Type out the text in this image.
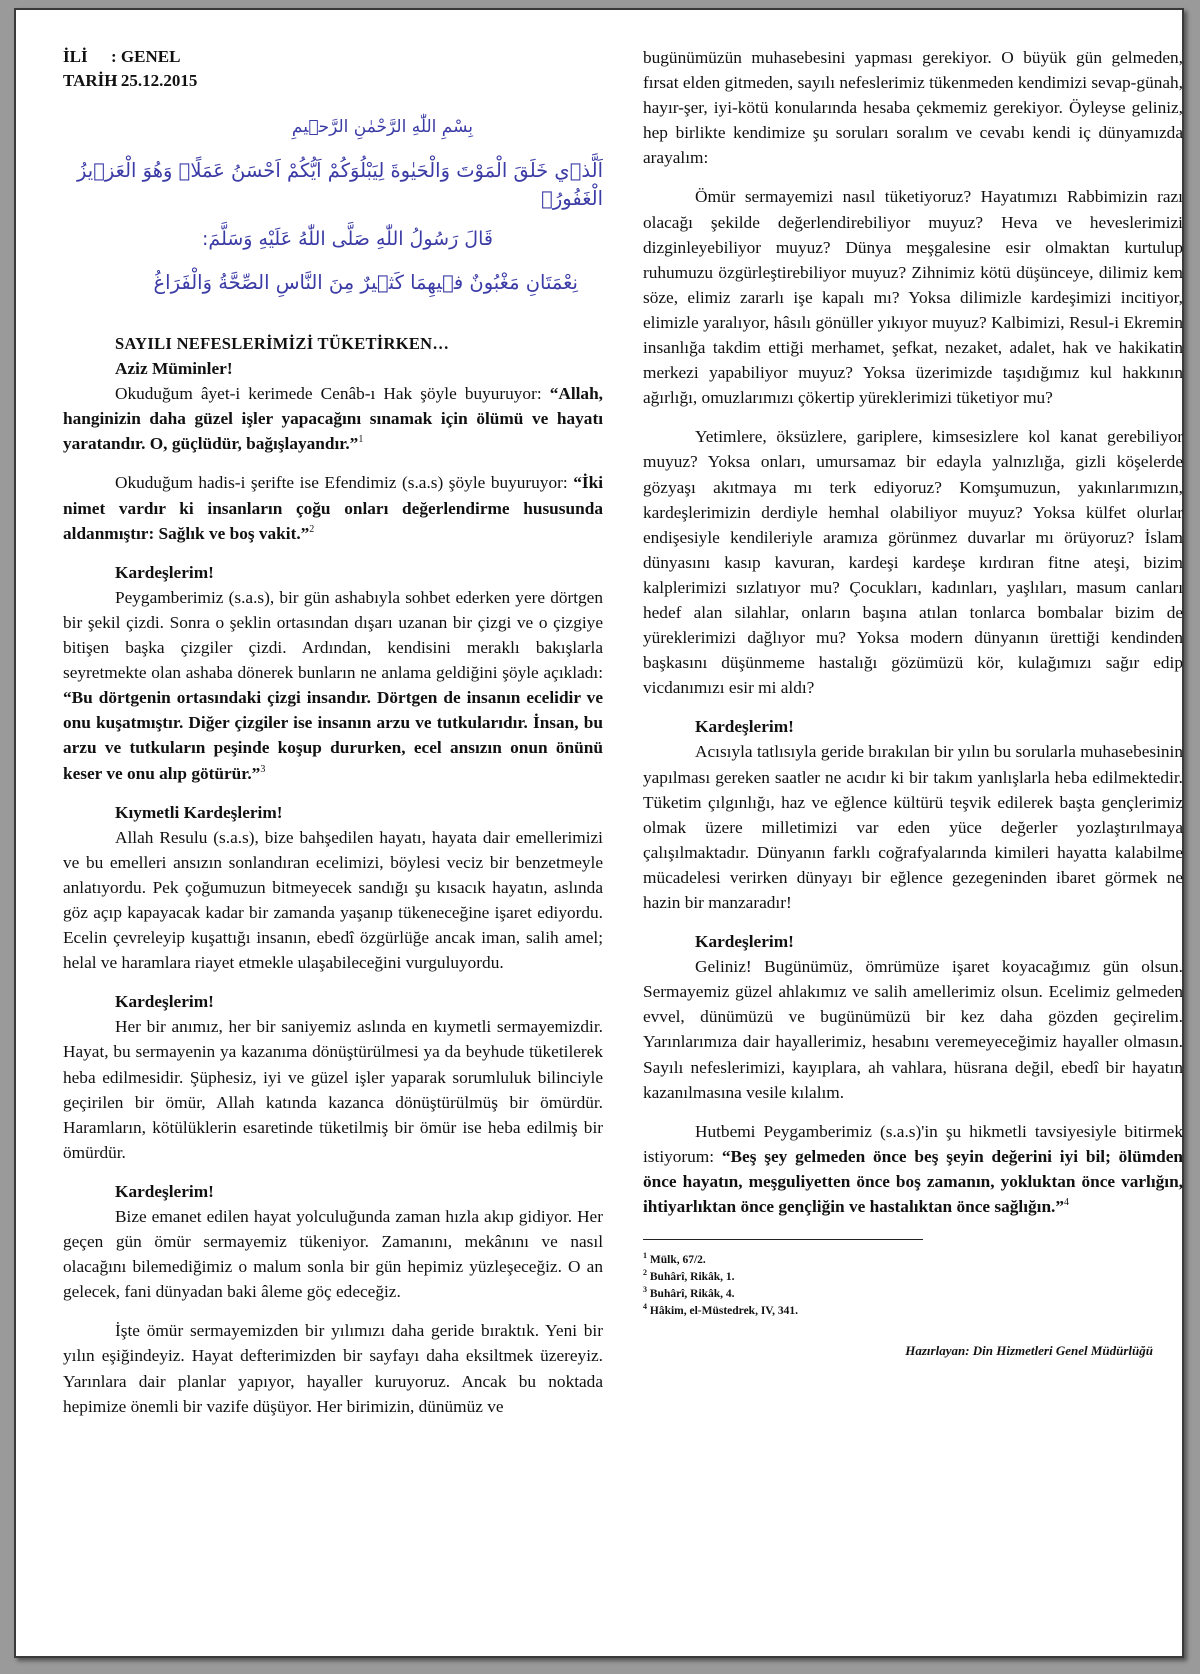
İLİ : GENEL
TARİH: 25.12.2015

بِسْمِ اللّٰهِ الرَّحْمٰنِ الرَّح۪يمِ

اَلَّذ۪ي خَلَقَ الْمَوْتَ وَالْحَيٰوةَ لِيَبْلُوَكُمْ اَيُّكُمْ اَحْسَنُ عَمَلًاۜ وَهُوَ الْعَز۪يزُ الْغَفُورُۙ

قَالَ رَسُولُ اللّٰهِ صَلَّى اللّٰهُ عَلَيْهِ وَسَلَّمَ:

نِعْمَتَانِ مَغْبُونٌ ف۪يهِمَا كَث۪يرٌ مِنَ النَّاسِ الصِّحَّةُ وَالْفَرَاغُ

SAYILI NEFESLERİMİZİ TÜKETİRKEN…

Aziz Müminler!

Okuduğum âyet-i kerimede Cenâb-ı Hak şöyle buyuruyor: “Allah, hanginizin daha güzel işler yapacağını sınamak için ölümü ve hayatı yaratandır. O, güçlüdür, bağışlayandır.”$^1$

Okuduğum hadis-i şerifte ise Efendimiz (s.a.s) şöyle buyuruyor: “İki nimet vardır ki insanların çoğu onları değerlendirme hususunda aldanmıştır: Sağlık ve boş vakit.”$^2$

Kardeşlerim!

Peygamberimiz (s.a.s), bir gün ashabıyla sohbet ederken yere dörtgen bir şekil çizdi. Sonra o şeklin ortasından dışarı uzanan bir çizgi ve o çizgiye bitişen başka çizgiler çizdi. Ardından, kendisini meraklı bakışlarla seyretmekte olan ashaba dönerek bunların ne anlama geldiğini şöyle açıkladı: “Bu dörtgenin ortasındaki çizgi insandır. Dörtgen de insanın ecelidir ve onu kuşatmıştır. Diğer çizgiler ise insanın arzu ve tutkularıdır. İnsan, bu arzu ve tutkuların peşinde koşup dururken, ecel ansızın onun önünü keser ve onu alıp götürür.”$^3$

Kıymetli Kardeşlerim!

Allah Resulu (s.a.s), bize bahşedilen hayatı, hayata dair emellerimizi ve bu emelleri ansızın sonlandıran ecelimizi, böylesi veciz bir benzetmeyle anlatıyordu. Pek çoğumuzun bitmeyecek sandığı şu kısacık hayatın, aslında göz açıp kapayacak kadar bir zamanda yaşanıp tükeneceğine işaret ediyordu. Ecelin çevreleyip kuşattığı insanın, ebedî özgürlüğe ancak iman, salih amel; helal ve haramlara riayet etmekle ulaşabileceğini vurguluyordu.

Kardeşlerim!

Her bir anımız, her bir saniyemiz aslında en kıymetli sermayemizdir. Hayat, bu sermayenin ya kazanıma dönüştürülmesi ya da beyhude tüketilerek heba edilmesidir. Şüphesiz, iyi ve güzel işler yaparak sorumluluk bilinciyle geçirilen bir ömür, Allah katında kazanca dönüştürülmüş bir ömürdür. Haramların, kötülüklerin esaretinde tüketilmiş bir ömür ise heba edilmiş bir ömürdür.

Kardeşlerim!

Bize emanet edilen hayat yolculuğunda zaman hızla akıp gidiyor. Her geçen gün ömür sermayemiz tükeniyor. Zamanını, mekânını ve nasıl olacağını bilemediğimiz o malum sonla bir gün hepimiz yüzleşeceğiz. O an gelecek, fani dünyadan baki âleme göç edeceğiz.

İşte ömür sermayemizden bir yılımızı daha geride bıraktık. Yeni bir yılın eşiğindeyiz. Hayat defterimizden bir sayfayı daha eksiltmek üzereyiz. Yarınlara dair planlar yapıyor, hayaller kuruyoruz. Ancak bu noktada hepimize önemli bir vazife düşüyor. Her birimizin, dünümüz ve

bugünümüzün muhasebesini yapması gerekiyor. O büyük gün gelmeden, fırsat elden gitmeden, sayılı nefeslerimiz tükenmeden kendimizi sevap-günah, hayır-şer, iyi-kötü konularında hesaba çekmemiz gerekiyor. Öyleyse geliniz, hep birlikte kendimize şu soruları soralım ve cevabı kendi iç dünyamızda arayalım:

Ömür sermayemizi nasıl tüketiyoruz? Hayatımızı Rabbimizin razı olacağı şekilde değerlendirebiliyor muyuz? Heva ve heveslerimizi dizginleyebiliyor muyuz? Dünya meşgalesine esir olmaktan kurtulup ruhumuzu özgürleştirebiliyor muyuz? Zihnimiz kötü düşünceye, dilimiz kem söze, elimiz zararlı işe kapalı mı? Yoksa dilimizle kardeşimizi incitiyor, elimizle yaralıyor, hâsılı gönüller yıkıyor muyuz? Kalbimizi, Resul-i Ekremin insanlığa takdim ettiği merhamet, şefkat, nezaket, adalet, hak ve hakikatin merkezi yapabiliyor muyuz? Yoksa üzerimizde taşıdığımız kul hakkının ağırlığı, omuzlarımızı çökertip yüreklerimizi tüketiyor mu?

Yetimlere, öksüzlere, gariplere, kimsesizlere kol kanat gerebiliyor muyuz? Yoksa onları, umursamaz bir edayla yalnızlığa, gizli köşelerde gözyaşı akıtmaya mı terk ediyoruz? Komşumuzun, yakınlarımızın, kardeşlerimizin derdiyle hemhal olabiliyor muyuz? Yoksa külfet olurlar endişesiyle kendileriyle aramıza görünmez duvarlar mı örüyoruz? İslam dünyasını kasıp kavuran, kardeşi kardeşe kırdıran fitne ateşi, bizim kalplerimizi sızlatıyor mu? Çocukları, kadınları, yaşlıları, masum canları hedef alan silahlar, onların başına atılan tonlarca bombalar bizim de yüreklerimizi dağlıyor mu? Yoksa modern dünyanın ürettiği kendinden başkasını düşünmeme hastalığı gözümüzü kör, kulağımızı sağır edip vicdanımızı esir mi aldı?

Kardeşlerim!

Acısıyla tatlısıyla geride bırakılan bir yılın bu sorularla muhasebesinin yapılması gereken saatler ne acıdır ki bir takım yanlışlarla heba edilmektedir. Tüketim çılgınlığı, haz ve eğlence kültürü teşvik edilerek başta gençlerimiz olmak üzere milletimizi var eden yüce değerler yozlaştırılmaya çalışılmaktadır. Dünyanın farklı coğrafyalarında kimileri hayatta kalabilme mücadelesi verirken dünyayı bir eğlence gezegeninden ibaret görmek ne hazin bir manzaradır!

Kardeşlerim!

Geliniz! Bugünümüz, ömrümüze işaret koyacağımız gün olsun. Sermayemiz güzel ahlakımız ve salih amellerimiz olsun. Ecelimiz gelmeden evvel, dünümüzü ve bugünümüzü bir kez daha gözden geçirelim. Yarınlarımıza dair hayallerimiz, hesabını veremeyeceğimiz hayaller olmasın. Sayılı nefeslerimizi, kayıplara, ah vahlara, hüsrana değil, ebedî bir hayatın kazanılmasına vesile kılalım.

Hutbemi Peygamberimiz (s.a.s)'in şu hikmetli tavsiyesiyle bitirmek istiyorum: “Beş şey gelmeden önce beş şeyin değerini iyi bil; ölümden önce hayatın, meşguliyetten önce boş zamanın, yokluktan önce varlığın, ihtiyarlıktan önce gençliğin ve hastalıktan önce sağlığın.”$^4$

$^1$ Mülk, 67/2.
$^2$ Buhârî, Rikâk, 1.
$^3$ Buhârî, Rikâk, 4.
$^4$ Hâkim, el-Müstedrek, IV, 341.

Hazırlayan: Din Hizmetleri Genel Müdürlüğü
